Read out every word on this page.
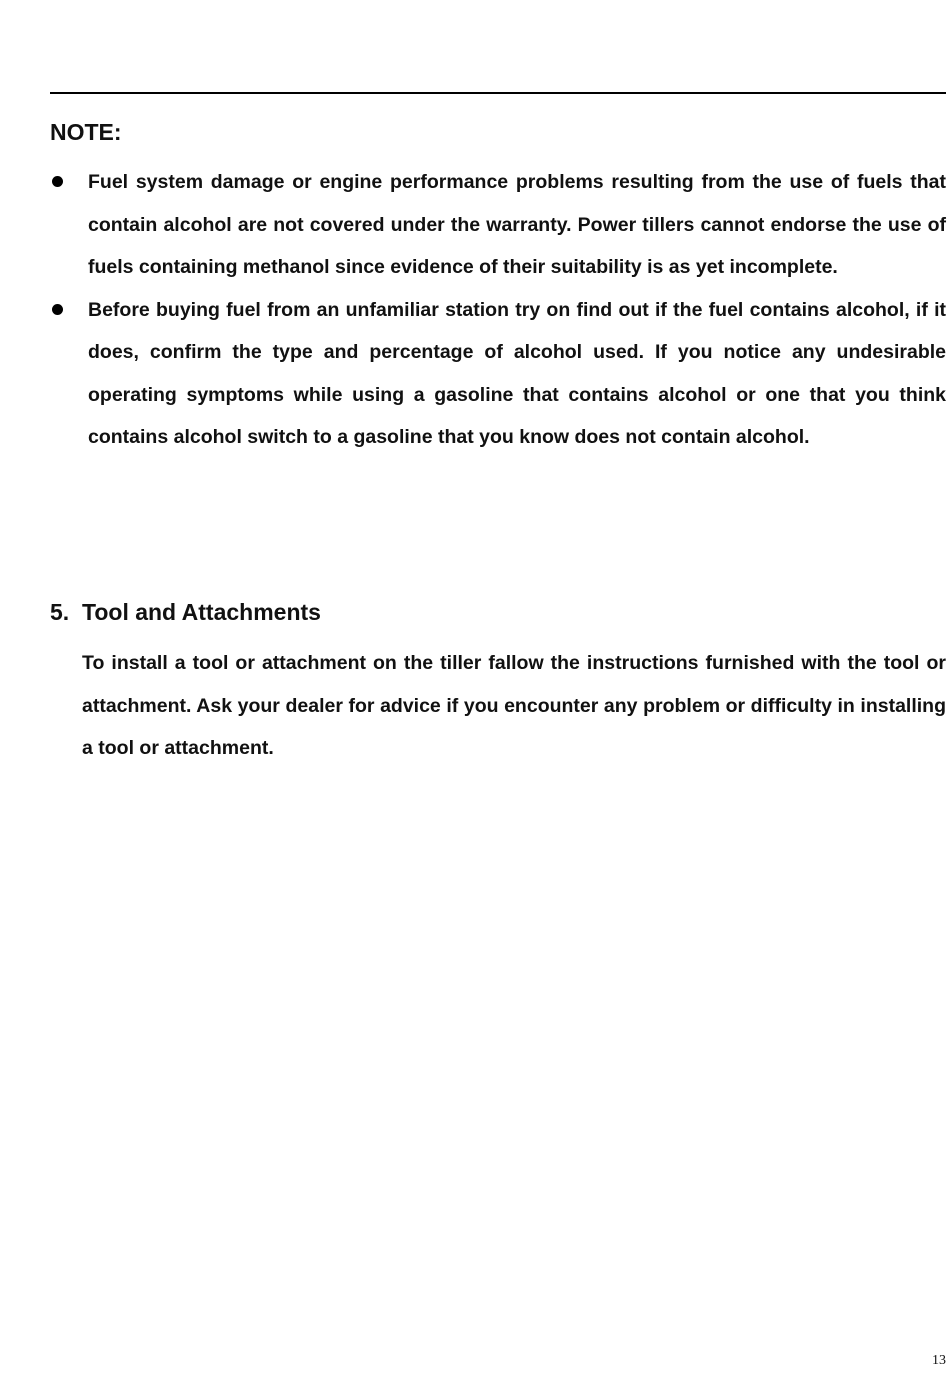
NOTE:
Fuel system damage or engine performance problems resulting from the use of fuels that contain alcohol are not covered under the warranty. Power tillers cannot endorse the use of fuels containing methanol since evidence of their suitability is as yet incomplete.
Before buying fuel from an unfamiliar station try on find out if the fuel contains alcohol, if it does, confirm the type and percentage of alcohol used. If you notice any undesirable operating symptoms while using a gasoline that contains alcohol or one that you think contains alcohol switch to a gasoline that you know does not contain alcohol.
5. Tool and Attachments

To install a tool or attachment on the tiller fallow the instructions furnished with the tool or attachment. Ask your dealer for advice if you encounter any problem or difficulty in installing a tool or attachment.

13
